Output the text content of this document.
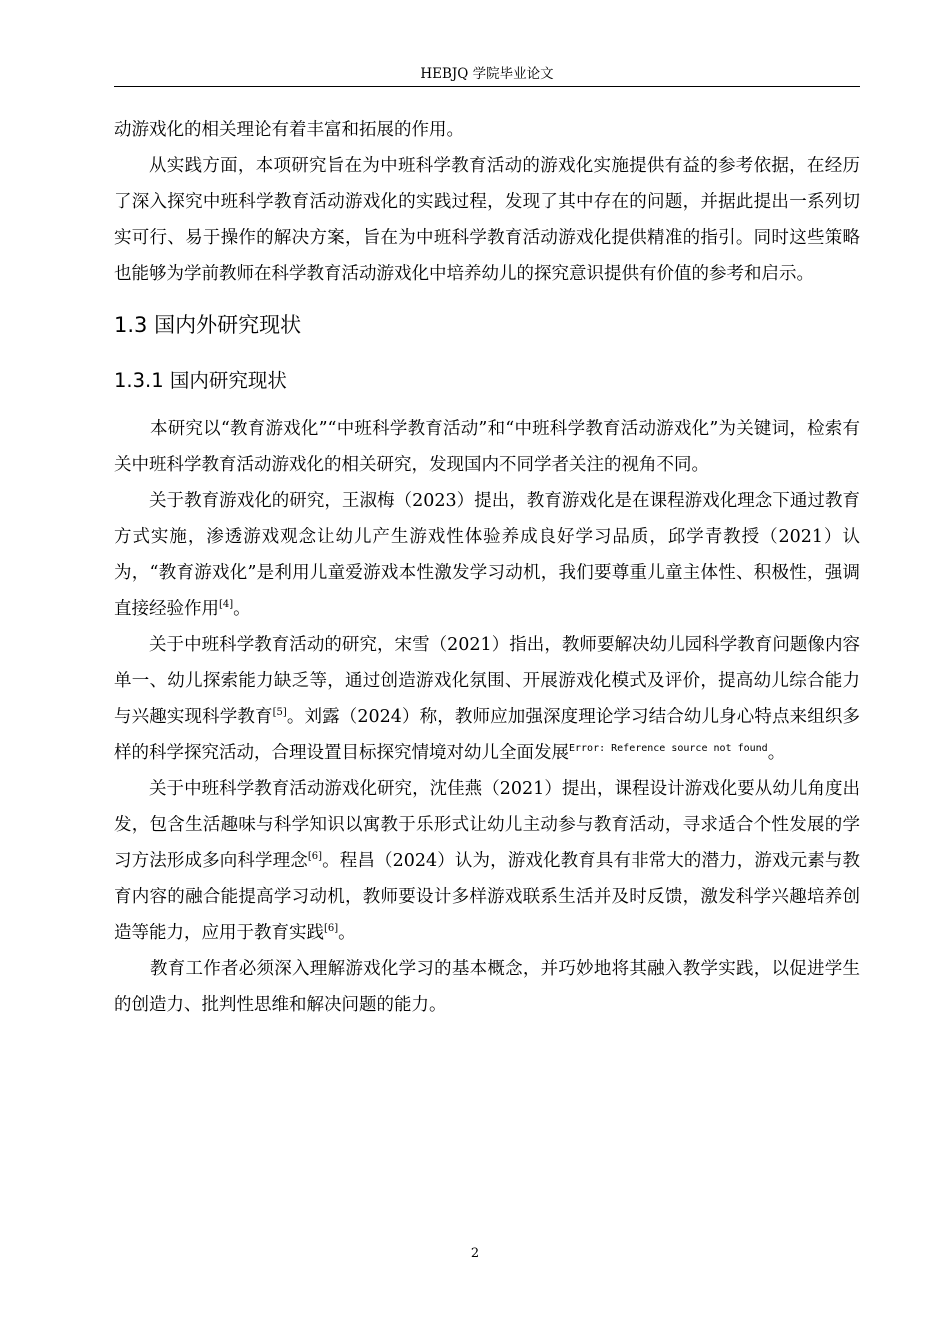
HEBJQ 学院毕业论文

动游戏化的相关理论有着丰富和拓展的作用。

从实践方面，本项研究旨在为中班科学教育活动的游戏化实施提供有益的参考依据，在经历了深入探究中班科学教育活动游戏化的实践过程，发现了其中存在的问题，并据此提出一系列切实可行、易于操作的解决方案，旨在为中班科学教育活动游戏化提供精准的指引。同时这些策略也能够为学前教师在科学教育活动游戏化中培养幼儿的探究意识提供有价值的参考和启示。

1.3 国内外研究现状
1.3.1 国内研究现状

本研究以“教育游戏化”“中班科学教育活动”和“中班科学教育活动游戏化”为关键词，检索有关中班科学教育活动游戏化的相关研究，发现国内不同学者关注的视角不同。

关于教育游戏化的研究，王淑梅（2023）提出，教育游戏化是在课程游戏化理念下通过教育方式实施，渗透游戏观念让幼儿产生游戏性体验养成良好学习品质，邱学青教授（2021）认为，“教育游戏化”是利用儿童爱游戏本性激发学习动机，我们要尊重儿童主体性、积极性，强调直接经验作用[4]。

关于中班科学教育活动的研究，宋雪（2021）指出，教师要解决幼儿园科学教育问题像内容单一、幼儿探索能力缺乏等，通过创造游戏化氛围、开展游戏化模式及评价，提高幼儿综合能力与兴趣实现科学教育[5]。刘露（2024）称，教师应加强深度理论学习结合幼儿身心特点来组织多样的科学探究活动，合理设置目标探究情境对幼儿全面发展$^{Error: Reference source not found}$。

关于中班科学教育活动游戏化研究，沈佳燕（2021）提出，课程设计游戏化要从幼儿角度出发，包含生活趣味与科学知识以寓教于乐形式让幼儿主动参与教育活动，寻求适合个性发展的学习方法形成多向科学理念[6]。程昌（2024）认为，游戏化教育具有非常大的潜力，游戏元素与教育内容的融合能提高学习动机，教师要设计多样游戏联系生活并及时反馈，激发科学兴趣培养创造等能力，应用于教育实践[6]。

教育工作者必须深入理解游戏化学习的基本概念，并巧妙地将其融入教学实践，以促进学生的创造力、批判性思维和解决问题的能力。

2
